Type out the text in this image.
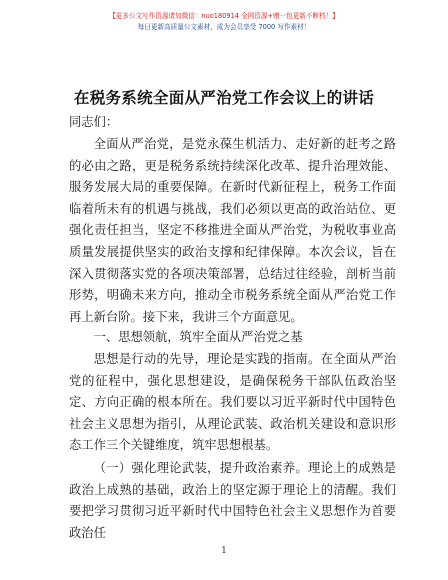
【更多公文写作资源请加微信：nuo180914 全网资源+赠一包更新不断档！】
每日更新高质量公文素材，成为会员享受 7000 写作素材！
在税务系统全面从严治党工作会议上的讲话
同志们：

全面从严治党，是党永葆生机活力、走好新的赶考之路的必由之路，更是税务系统持续深化改革、提升治理效能、服务发展大局的重要保障。在新时代新征程上，税务工作面临着所未有的机遇与挑战，我们必须以更高的政治站位、更强化责任担当，坚定不移推进全面从严治党，为税收事业高质量发展提供坚实的政治支撑和纪律保障。本次会议，旨在深入贯彻落实党的各项决策部署，总结过往经验，剖析当前形势，明确未来方向，推动全市税务系统全面从严治党工作再上新台阶。接下来，我讲三个方面意见。

一、思想领航，筑牢全面从严治党之基

思想是行动的先导，理论是实践的指南。在全面从严治党的征程中，强化思想建设，是确保税务干部队伍政治坚定、方向正确的根本所在。我们要以习近平新时代中国特色社会主义思想为指引，从理论武装、政治机关建设和意识形态工作三个关键维度，筑牢思想根基。

（一）强化理论武装，提升政治素养。理论上的成熟是政治上成熟的基础，政治上的坚定源于理论上的清醒。我们要把学习贯彻习近平新时代中国特色社会主义思想作为首要政治任

1
